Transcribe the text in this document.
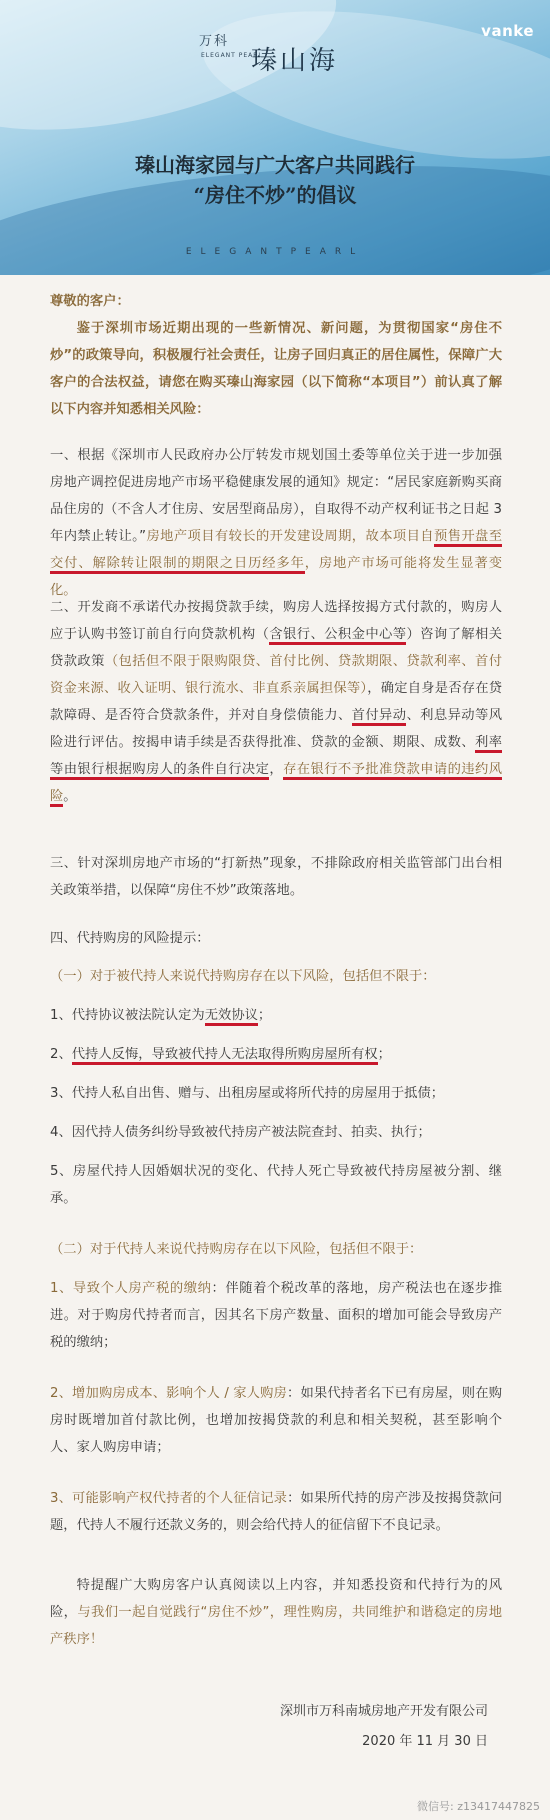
万科
ELEGANT PEARL
瑧山海
vanke
瑧山海家园与广大客户共同践行
“房住不炒”的倡议
ELEGANTPEARL

尊敬的客户：

鉴于深圳市场近期出现的一些新情况、新问题，为贯彻国家“房住不炒”的政策导向，积极履行社会责任，让房子回归真正的居住属性，保障广大客户的合法权益，请您在购买瑧山海家园（以下简称“本项目”）前认真了解以下内容并知悉相关风险：

一、根据《深圳市人民政府办公厅转发市规划国土委等单位关于进一步加强房地产调控促进房地产市场平稳健康发展的通知》规定：“居民家庭新购买商品住房的（不含人才住房、安居型商品房），自取得不动产权利证书之日起 3 年内禁止转让。”房地产项目有较长的开发建设周期，故本项目自预售开盘至交付、解除转让限制的期限之日历经多年，房地产市场可能将发生显著变化。

二、开发商不承诺代办按揭贷款手续，购房人选择按揭方式付款的，购房人应于认购书签订前自行向贷款机构（含银行、公积金中心等）咨询了解相关贷款政策（包括但不限于限购限贷、首付比例、贷款期限、贷款利率、首付资金来源、收入证明、银行流水、非直系亲属担保等），确定自身是否存在贷款障碍、是否符合贷款条件，并对自身偿债能力、首付异动、利息异动等风险进行评估。按揭申请手续是否获得批准、贷款的金额、期限、成数、利率等由银行根据购房人的条件自行决定，存在银行不予批准贷款申请的违约风险。

三、针对深圳房地产市场的“打新热”现象，不排除政府相关监管部门出台相关政策举措，以保障“房住不炒”政策落地。

四、代持购房的风险提示：

（一）对于被代持人来说代持购房存在以下风险，包括但不限于：

1、代持协议被法院认定为无效协议；

2、代持人反悔，导致被代持人无法取得所购房屋所有权；

3、代持人私自出售、赠与、出租房屋或将所代持的房屋用于抵债；

4、因代持人债务纠纷导致被代持房产被法院查封、拍卖、执行；

5、房屋代持人因婚姻状况的变化、代持人死亡导致被代持房屋被分割、继承。

（二）对于代持人来说代持购房存在以下风险，包括但不限于：

1、导致个人房产税的缴纳：伴随着个税改革的落地，房产税法也在逐步推进。对于购房代持者而言，因其名下房产数量、面积的增加可能会导致房产税的缴纳；

2、增加购房成本、影响个人 / 家人购房：如果代持者名下已有房屋，则在购房时既增加首付款比例，也增加按揭贷款的利息和相关契税，甚至影响个人、家人购房申请；

3、可能影响产权代持者的个人征信记录：如果所代持的房产涉及按揭贷款问题，代持人不履行还款义务的，则会给代持人的征信留下不良记录。

特提醒广大购房客户认真阅读以上内容，并知悉投资和代持行为的风险，与我们一起自觉践行“房住不炒”，理性购房，共同维护和谐稳定的房地产秩序！

深圳市万科南城房地产开发有限公司
2020 年 11 月 30 日
微信号: z13417447825
